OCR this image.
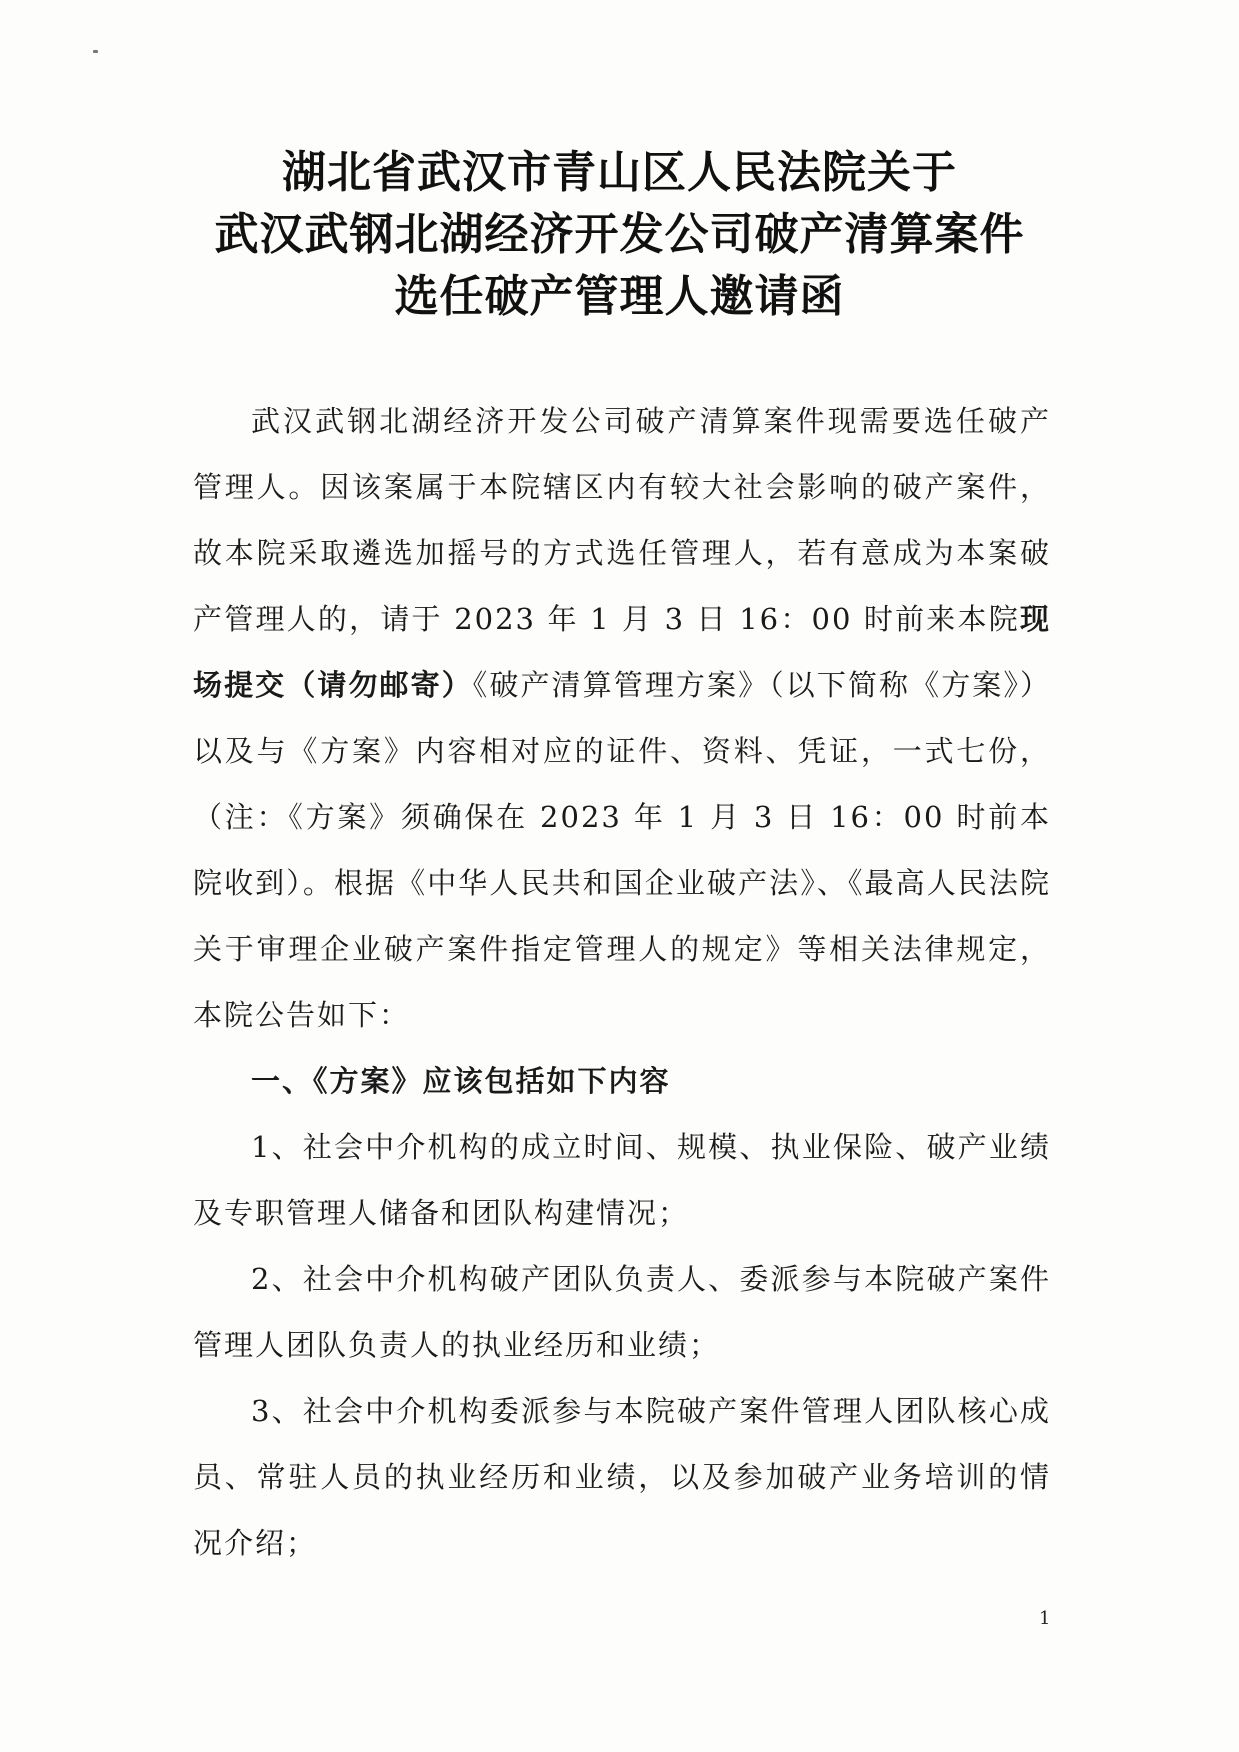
湖北省武汉市青山区人民法院关于
武汉武钢北湖经济开发公司破产清算案件
选任破产管理人邀请函

武汉武钢北湖经济开发公司破产清算案件现需要选任破产管理人。因该案属于本院辖区内有较大社会影响的破产案件，故本院采取遴选加摇号的方式选任管理人，若有意成为本案破产管理人的，请于 2023 年 1 月 3 日 16：00 时前来本院现场提交（请勿邮寄）《破产清算管理方案》（以下简称《方案》）以及与《方案》内容相对应的证件、资料、凭证，一式七份，（注：《方案》须确保在 2023 年 1 月 3 日 16：00 时前本院收到）。根据《中华人民共和国企业破产法》、《最高人民法院关于审理企业破产案件指定管理人的规定》等相关法律规定，本院公告如下：

一、《方案》应该包括如下内容

1、社会中介机构的成立时间、规模、执业保险、破产业绩及专职管理人储备和团队构建情况；

2、社会中介机构破产团队负责人、委派参与本院破产案件管理人团队负责人的执业经历和业绩；

3、社会中介机构委派参与本院破产案件管理人团队核心成员、常驻人员的执业经历和业绩，以及参加破产业务培训的情况介绍；

1
